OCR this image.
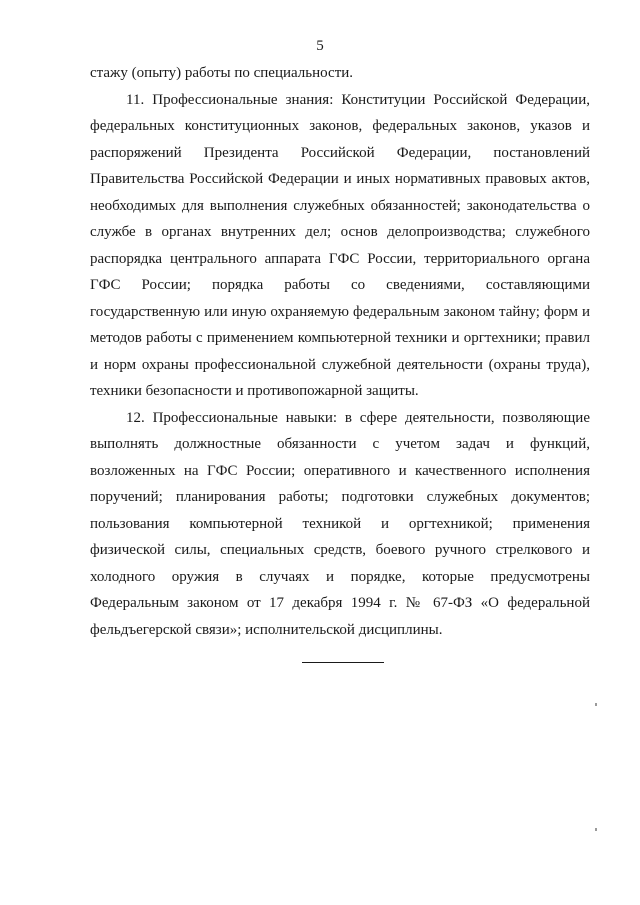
5
стажу (опыту) работы по специальности.
11. Профессиональные знания: Конституции Российской Федерации,
федеральных конституционных законов, федеральных законов, указов и
распоряжений Президента Российской Федерации, постановлений
Правительства Российской Федерации и иных нормативных правовых актов,
необходимых для выполнения служебных обязанностей; законодательства о
службе в органах внутренних дел; основ делопроизводства; служебного
распорядка центрального аппарата ГФС России, территориального органа
ГФС России; порядка работы со сведениями, составляющими
государственную или иную охраняемую федеральным законом тайну; форм и
методов работы с применением компьютерной техники и оргтехники; правил
и норм охраны профессиональной служебной деятельности (охраны труда),
техники безопасности и противопожарной защиты.
12. Профессиональные навыки: в сфере деятельности, позволяющие
выполнять должностные обязанности с учетом задач и функций,
возложенных на ГФС России; оперативного и качественного исполнения
поручений; планирования работы; подготовки служебных документов;
пользования компьютерной техникой и оргтехникой; применения
физической силы, специальных средств, боевого ручного стрелкового и
холодного оружия в случаях и порядке, которые предусмотрены
Федеральным законом от 17 декабря 1994 г. № 67-ФЗ «О федеральной
фельдъегерской связи»; исполнительской дисциплины.
